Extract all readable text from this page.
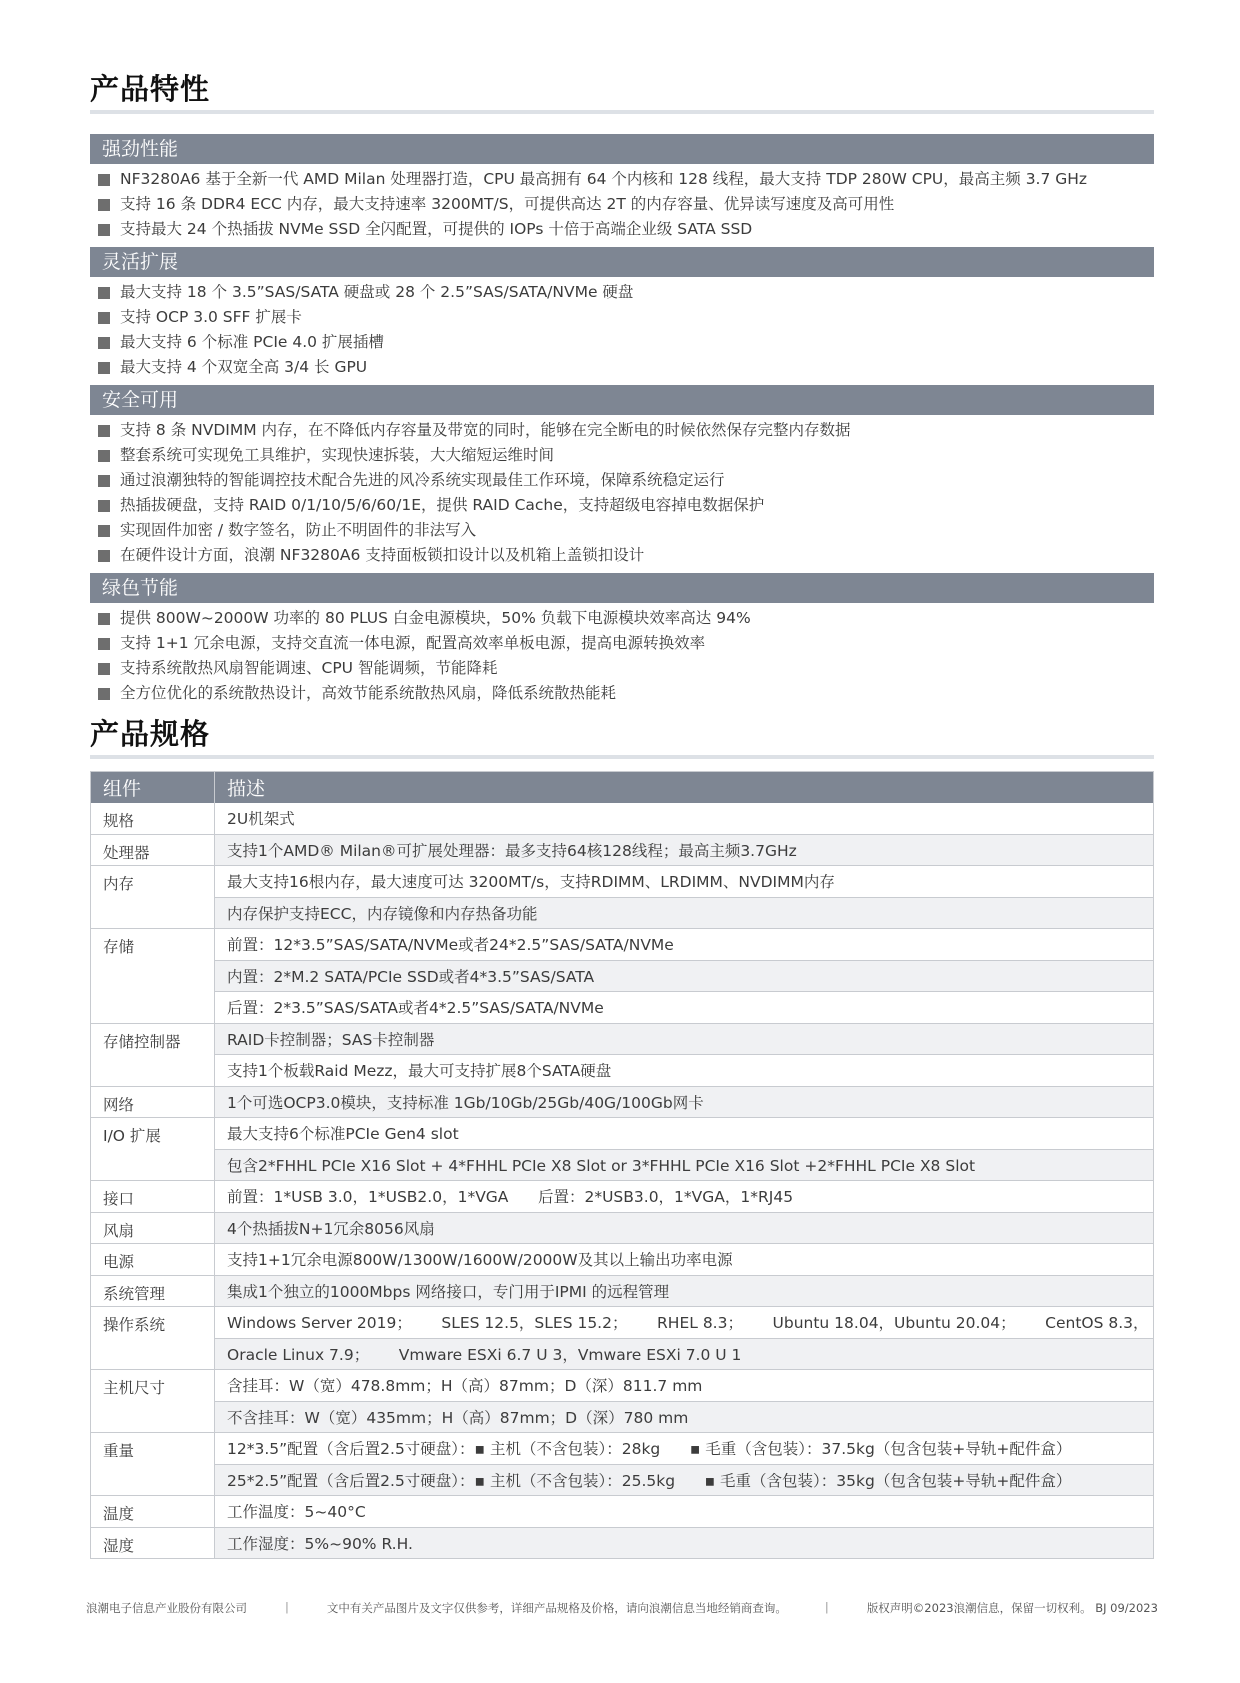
产品特性
强劲性能
NF3280A6 基于全新一代 AMD Milan 处理器打造，CPU 最高拥有 64 个内核和 128 线程，最大支持 TDP 280W CPU，最高主频 3.7 GHz
支持 16 条 DDR4 ECC 内存，最大支持速率 3200MT/S，可提供高达 2T 的内存容量、优异读写速度及高可用性
支持最大 24 个热插拔 NVMe SSD 全闪配置，可提供的 IOPs 十倍于高端企业级 SATA SSD
灵活扩展
最大支持 18 个 3.5”SAS/SATA 硬盘或 28 个 2.5”SAS/SATA/NVMe 硬盘
支持 OCP 3.0 SFF 扩展卡
最大支持 6 个标准 PCIe 4.0 扩展插槽
最大支持 4 个双宽全高 3/4 长 GPU
安全可用
支持 8 条 NVDIMM 内存，在不降低内存容量及带宽的同时，能够在完全断电的时候依然保存完整内存数据
整套系统可实现免工具维护，实现快速拆装，大大缩短运维时间
通过浪潮独特的智能调控技术配合先进的风冷系统实现最佳工作环境，保障系统稳定运行
热插拔硬盘，支持 RAID 0/1/10/5/6/60/1E，提供 RAID Cache，支持超级电容掉电数据保护
实现固件加密 / 数字签名，防止不明固件的非法写入
在硬件设计方面，浪潮 NF3280A6 支持面板锁扣设计以及机箱上盖锁扣设计
绿色节能
提供 800W~2000W 功率的 80 PLUS 白金电源模块，50% 负载下电源模块效率高达 94%
支持 1+1 冗余电源，支持交直流一体电源，配置高效率单板电源，提高电源转换效率
支持系统散热风扇智能调速、CPU 智能调频，节能降耗
全方位优化的系统散热设计，高效节能系统散热风扇，降低系统散热能耗
产品规格
组件	描述
规格	2U机架式
处理器	支持1个AMD® Milan®可扩展处理器：最多支持64核128线程；最高主频3.7GHz
内存	最大支持16根内存，最大速度可达 3200MT/s，支持RDIMM、LRDIMM、NVDIMM内存
	内存保护支持ECC，内存镜像和内存热备功能
存储	前置：12*3.5”SAS/SATA/NVMe或者24*2.5”SAS/SATA/NVMe
	内置：2*M.2 SATA/PCIe SSD或者4*3.5”SAS/SATA
	后置：2*3.5”SAS/SATA或者4*2.5”SAS/SATA/NVMe
存储控制器	RAID卡控制器；SAS卡控制器
	支持1个板载Raid Mezz，最大可支持扩展8个SATA硬盘
网络	1个可选OCP3.0模块，支持标准 1Gb/10Gb/25Gb/40G/100Gb网卡
I/O 扩展	最大支持6个标准PCIe Gen4 slot
	包含2*FHHL PCIe X16 Slot + 4*FHHL PCIe X8 Slot or 3*FHHL PCIe X16 Slot +2*FHHL PCIe X8 Slot
接口	前置：1*USB 3.0，1*USB2.0，1*VGA      后置：2*USB3.0，1*VGA，1*RJ45
风扇	4个热插拔N+1冗余8056风扇
电源	支持1+1冗余电源800W/1300W/1600W/2000W及其以上输出功率电源
系统管理	集成1个独立的1000Mbps 网络接口，专门用于IPMI 的远程管理
操作系统	Windows Server 2019；      SLES 12.5，SLES 15.2；      RHEL 8.3；      Ubuntu 18.04，Ubuntu 20.04；      CentOS 8.3，
	Oracle Linux 7.9；      Vmware ESXi 6.7 U 3，Vmware ESXi 7.0 U 1
主机尺寸	含挂耳：W（宽）478.8mm；H（高）87mm；D（深）811.7 mm
	不含挂耳：W（宽）435mm；H（高）87mm；D（深）780 mm
重量	12*3.5”配置（含后置2.5寸硬盘）：▪ 主机（不含包装）：28kg      ▪ 毛重（含包装）：37.5kg（包含包装+导轨+配件盒）
	25*2.5”配置（含后置2.5寸硬盘）：▪ 主机（不含包装）：25.5kg      ▪ 毛重（含包装）：35kg（包含包装+导轨+配件盒）
温度	工作温度：5~40°C
湿度	工作湿度：5%~90% R.H.
浪潮电子信息产业股份有限公司	|	文中有关产品图片及文字仅供参考，详细产品规格及价格，请向浪潮信息当地经销商查询。	|	版权声明©2023浪潮信息，保留一切权利。 BJ 09/2023
